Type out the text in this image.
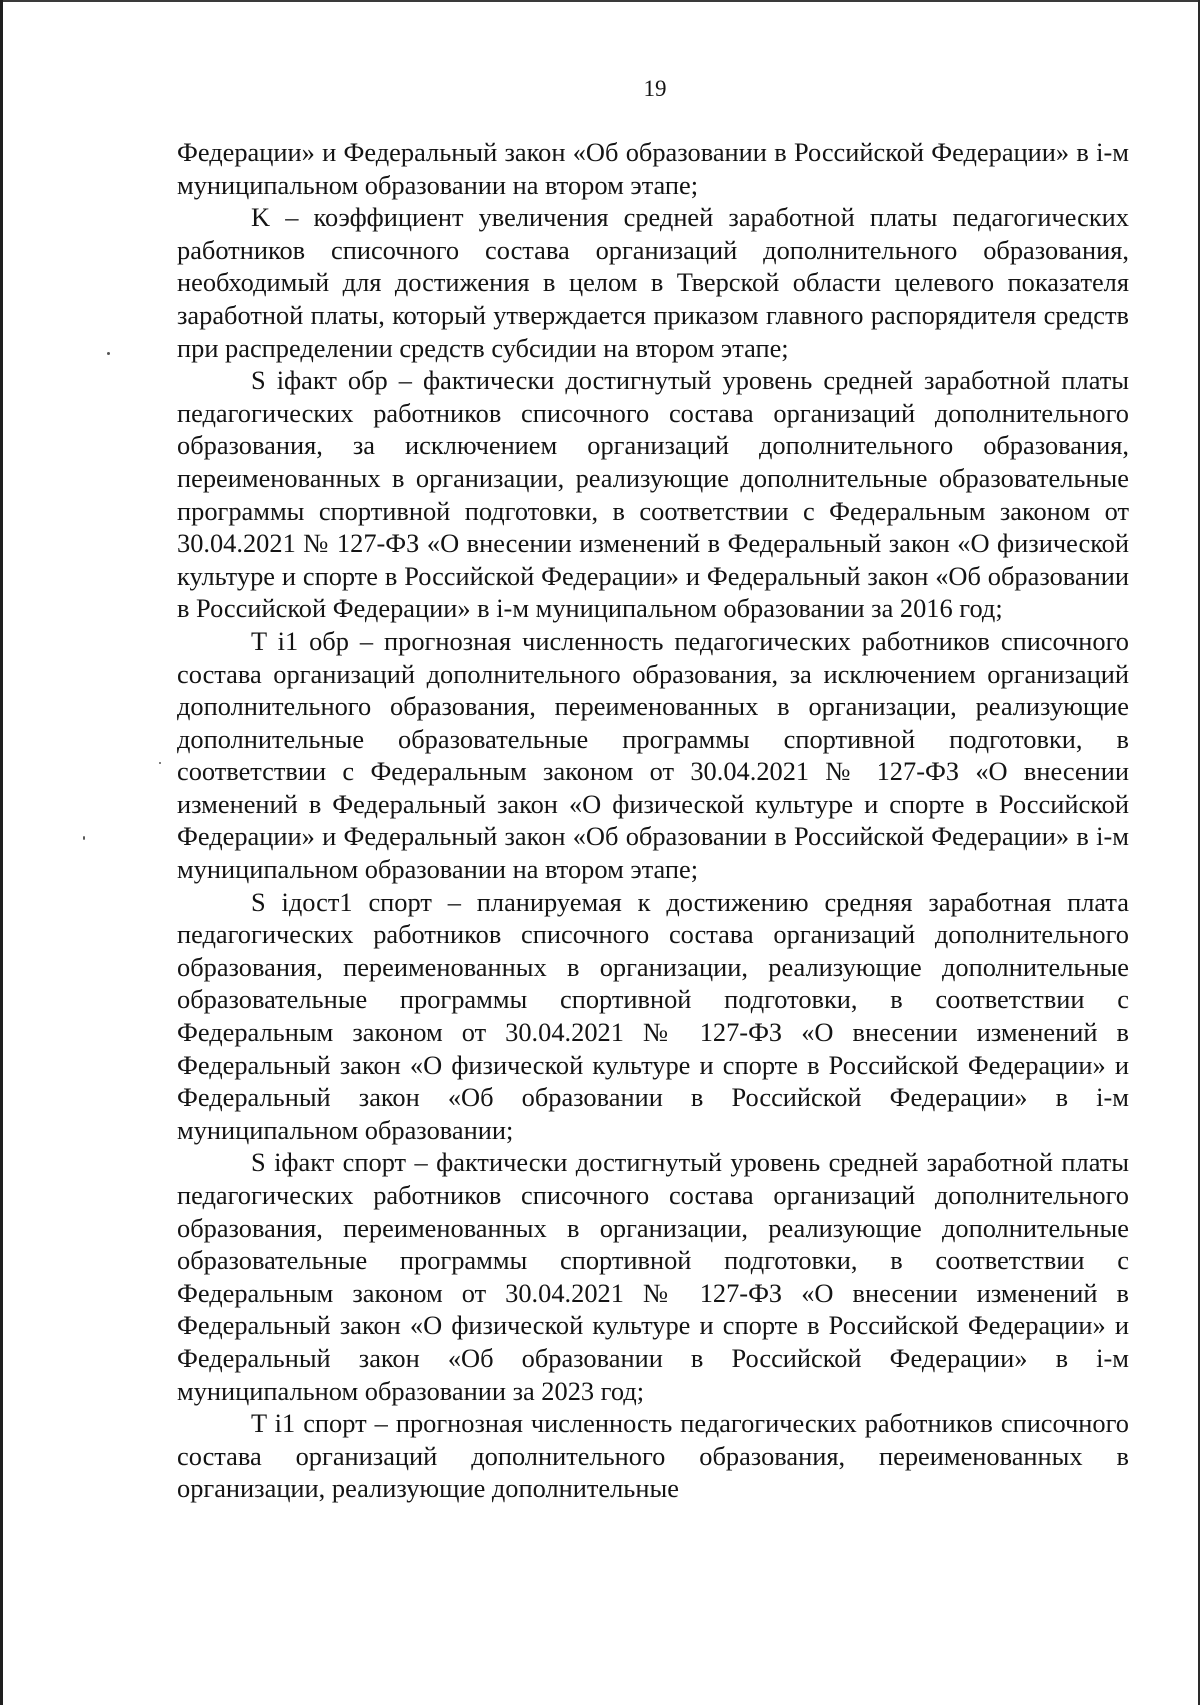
19

Федерации» и Федеральный закон «Об образовании в Российской Федерации» в i-м муниципальном образовании на втором этапе;

K – коэффициент увеличения средней заработной платы педагогических работников списочного состава организаций дополнительного образования, необходимый для достижения в целом в Тверской области целевого показателя заработной платы, который утверждается приказом главного распорядителя средств при распределении средств субсидии на втором этапе;

S iфакт обр – фактически достигнутый уровень средней заработной платы педагогических работников списочного состава организаций дополнительного образования, за исключением организаций дополнительного образования, переименованных в организации, реализующие дополнительные образовательные программы спортивной подготовки, в соответствии с Федеральным законом от 30.04.2021 № 127-ФЗ «О внесении изменений в Федеральный закон «О физической культуре и спорте в Российской Федерации» и Федеральный закон «Об образовании в Российской Федерации» в i-м муниципальном образовании за 2016 год;

T i1 обр – прогнозная численность педагогических работников списочного состава организаций дополнительного образования, за исключением организаций дополнительного образования, переименованных в организации, реализующие дополнительные образовательные программы спортивной подготовки, в соответствии с Федеральным законом от 30.04.2021 № 127-ФЗ «О внесении изменений в Федеральный закон «О физической культуре и спорте в Российской Федерации» и Федеральный закон «Об образовании в Российской Федерации» в i-м муниципальном образовании на втором этапе;

S iдост1 спорт – планируемая к достижению средняя заработная плата педагогических работников списочного состава организаций дополнительного образования, переименованных в организации, реализующие дополнительные образовательные программы спортивной подготовки, в соответствии с Федеральным законом от 30.04.2021 № 127-ФЗ «О внесении изменений в Федеральный закон «О физической культуре и спорте в Российской Федерации» и Федеральный закон «Об образовании в Российской Федерации» в i-м муниципальном образовании;

S iфакт спорт – фактически достигнутый уровень средней заработной платы педагогических работников списочного состава организаций дополнительного образования, переименованных в организации, реализующие дополнительные образовательные программы спортивной подготовки, в соответствии с Федеральным законом от 30.04.2021 № 127-ФЗ «О внесении изменений в Федеральный закон «О физической культуре и спорте в Российской Федерации» и Федеральный закон «Об образовании в Российской Федерации» в i-м муниципальном образовании за 2023 год;

T i1 спорт – прогнозная численность педагогических работников списочного состава организаций дополнительного образования, переименованных в организации, реализующие дополнительные
